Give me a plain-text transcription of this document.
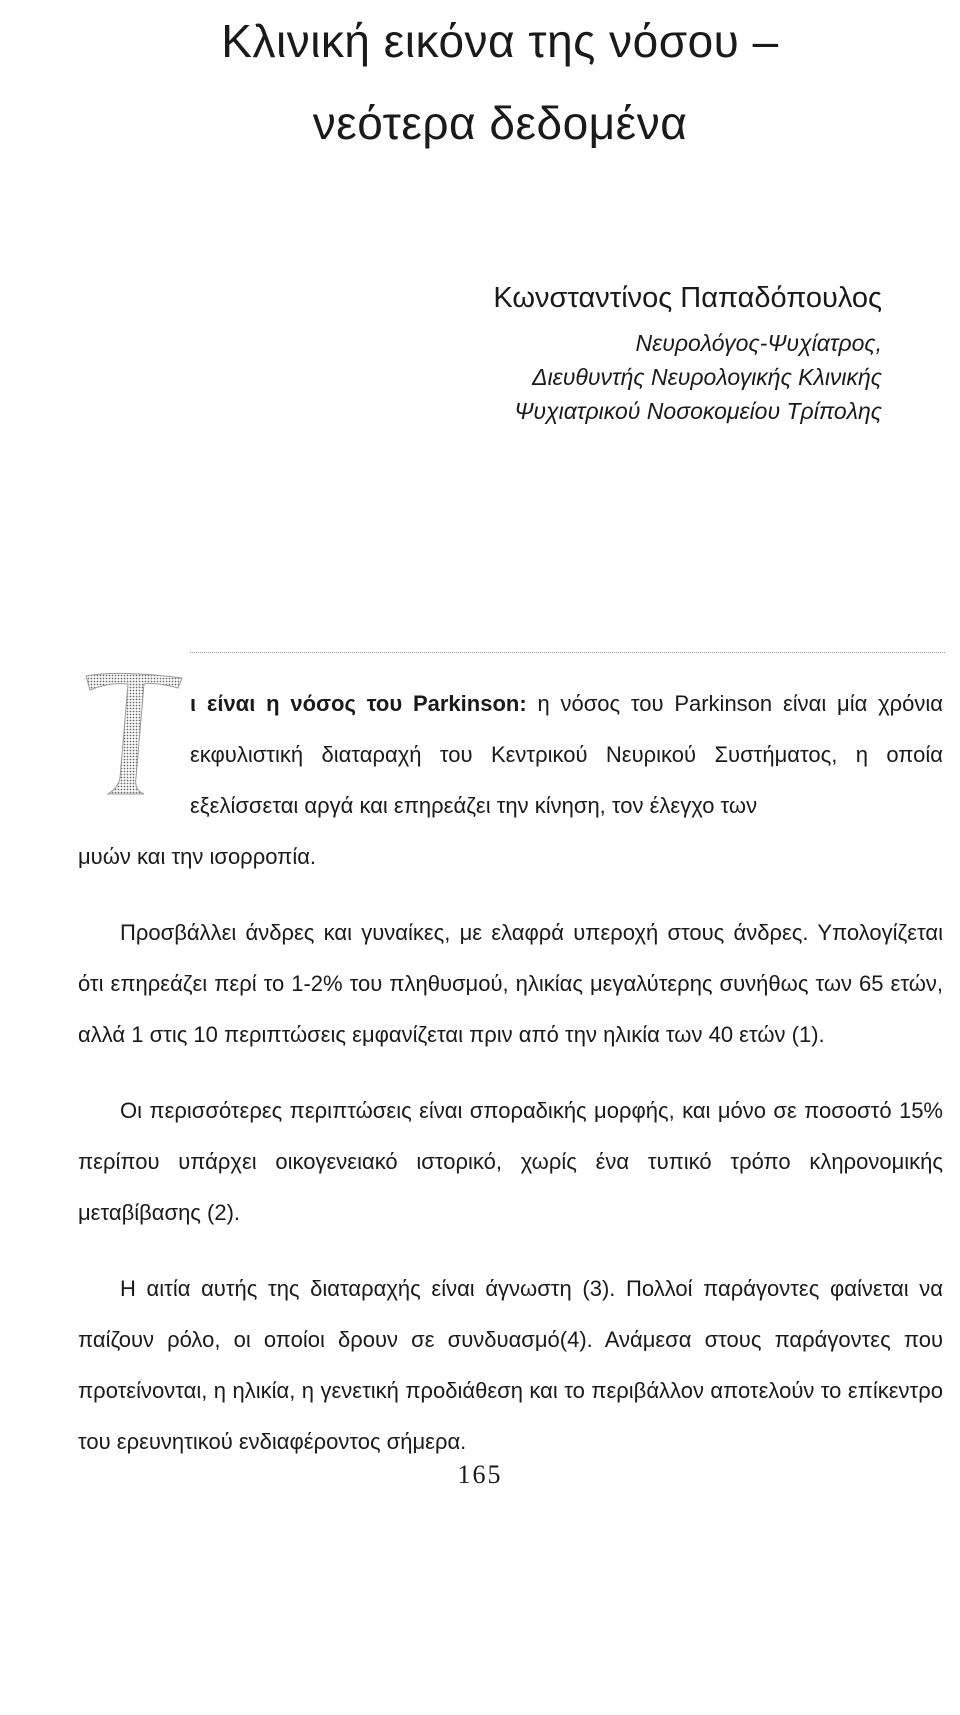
Κλινική εικόνα της νόσου –
νεότερα δεδομένα
Κωνσταντίνος Παπαδόπουλος
Νευρολόγος-Ψυχίατρος,
Διευθυντής Νευρολογικής Κλινικής
Ψυχιατρικού Νοσοκομείου Τρίπολης
T

ι είναι η νόσος του Parkinson: η νόσος του Parkinson είναι μία χρόνια εκφυλιστική διαταραχή του Κεντρικού Νευρικού Συστήματος, η οποία εξελίσσεται αργά και επηρεάζει την κίνηση, τον έλεγχο των
μυών και την ισορροπία.

Προσβάλλει άνδρες και γυναίκες, με ελαφρά υπεροχή στους άνδρες. Υπολογίζεται ότι επηρεάζει περί το 1-2% του πληθυσμού, ηλικίας μεγαλύτερης συνήθως των 65 ετών, αλλά 1 στις 10 περιπτώσεις εμφανίζεται πριν από την ηλικία των 40 ετών (1).

Οι περισσότερες περιπτώσεις είναι σποραδικής μορφής, και μόνο σε ποσοστό 15% περίπου υπάρχει οικογενειακό ιστορικό, χωρίς ένα τυπικό τρόπο κληρονομικής μεταβίβασης (2).

Η αιτία αυτής της διαταραχής είναι άγνωστη (3). Πολλοί παράγοντες φαίνεται να παίζουν ρόλο, οι οποίοι δρουν σε συνδυασμό(4). Ανάμεσα στους παράγοντες που προτείνονται, η ηλικία, η γενετική προδιάθεση και το περιβάλλον αποτελούν το επίκεντρο του ερευνητικού ενδιαφέροντος σήμερα.

165
